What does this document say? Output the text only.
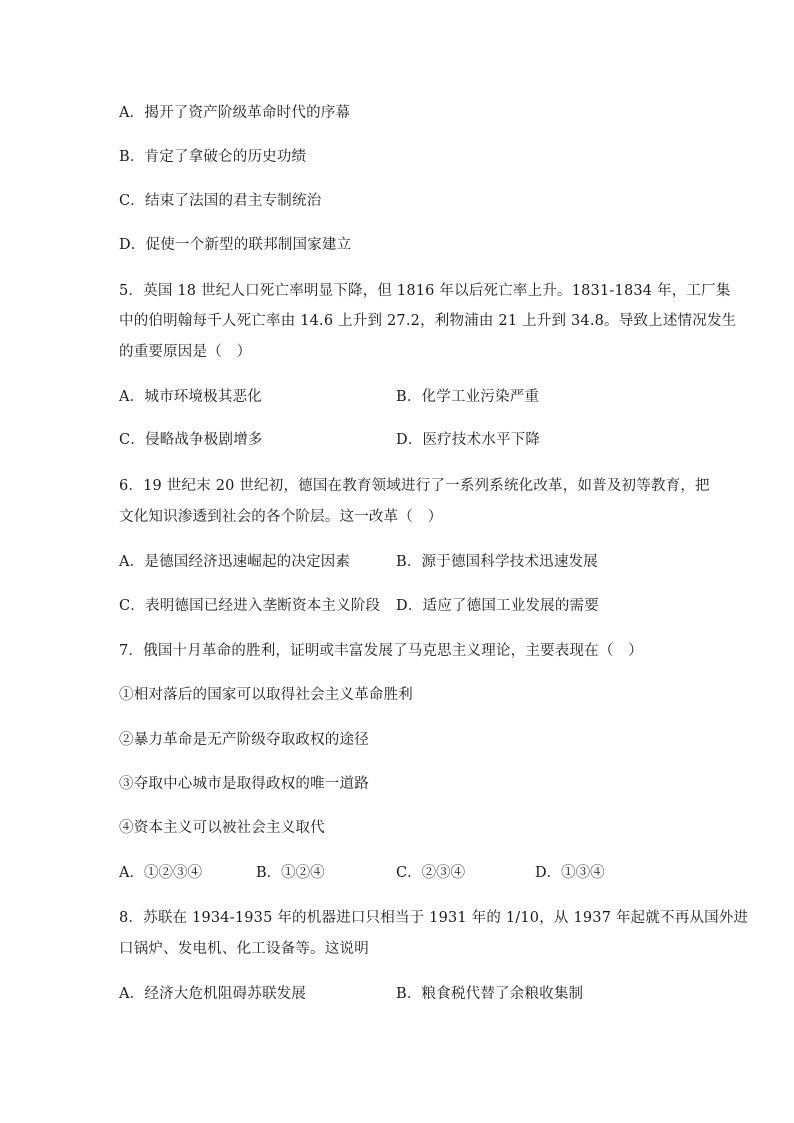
A．揭开了资产阶级革命时代的序幕
B．肯定了拿破仑的历史功绩
C．结束了法国的君主专制统治
D．促使一个新型的联邦制国家建立
5．英国 18 世纪人口死亡率明显下降，但 1816 年以后死亡率上升。1831-1834 年，工厂集
中的伯明翰每千人死亡率由 14.6 上升到 27.2，利物浦由 21 上升到 34.8。导致上述情况发生
的重要原因是（　）
A．城市环境极其恶化	B．化学工业污染严重
C．侵略战争极剧增多	D．医疗技术水平下降
6．19 世纪末 20 世纪初，德国在教育领域进行了一系列系统化改革，如普及初等教育，把
文化知识渗透到社会的各个阶层。这一改革（　）
A．是德国经济迅速崛起的决定因素	B．源于德国科学技术迅速发展
C．表明德国已经进入垄断资本主义阶段 D．适应了德国工业发展的需要
7．俄国十月革命的胜利，证明或丰富发展了马克思主义理论，主要表现在（　）
①相对落后的国家可以取得社会主义革命胜利
②暴力革命是无产阶级夺取政权的途径
③夺取中心城市是取得政权的唯一道路
④资本主义可以被社会主义取代
A．①②③④	B．①②④	C．②③④	D．①③④
8．苏联在 1934-1935 年的机器进口只相当于 1931 年的 1/10，从 1937 年起就不再从国外进
口锅炉、发电机、化工设备等。这说明
A．经济大危机阻碍苏联发展	B．粮食税代替了余粮收集制
